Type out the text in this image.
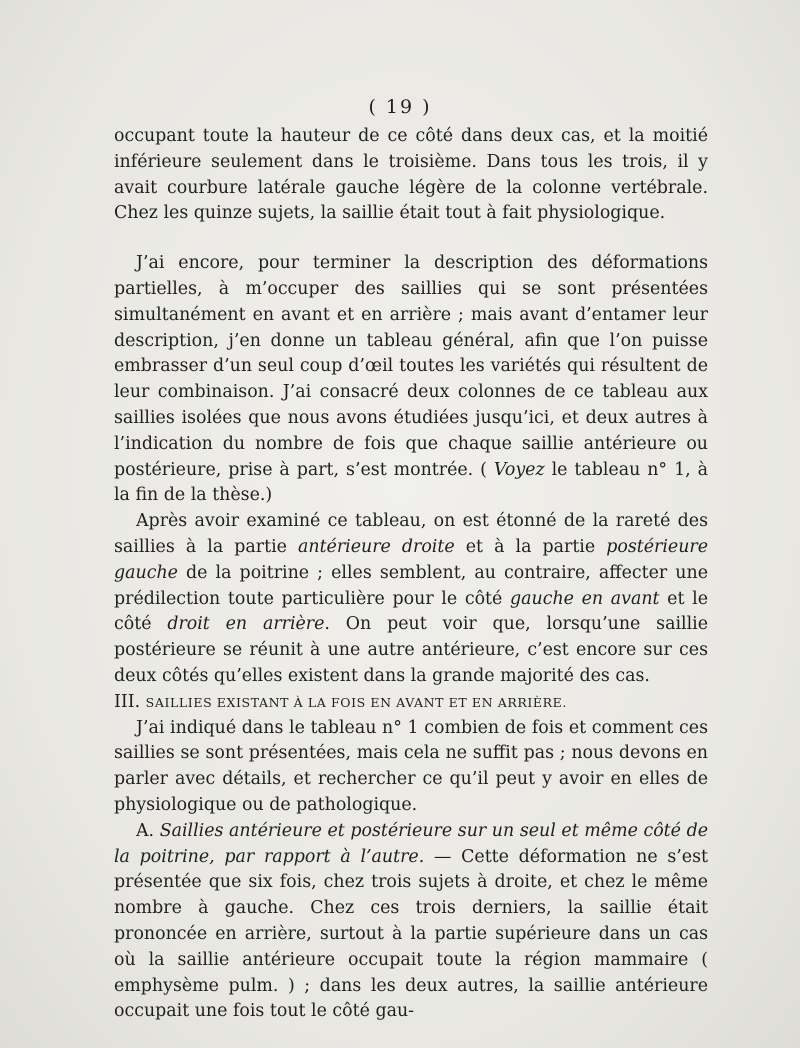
( 19 )

occupant toute la hauteur de ce côté dans deux cas, et la moitié inférieure seulement dans le troisième. Dans tous les trois, il y avait courbure latérale gauche légère de la colonne vertébrale. Chez les quinze sujets, la saillie était tout à fait physiologique.

J’ai encore, pour terminer la description des déformations partielles, à m’occuper des saillies qui se sont présentées simultanément en avant et en arrière ; mais avant d’entamer leur description, j’en donne un tableau général, afin que l’on puisse embrasser d’un seul coup d’œil toutes les variétés qui résultent de leur combinaison. J’ai consacré deux colonnes de ce tableau aux saillies isolées que nous avons étudiées jusqu’ici, et deux autres à l’indication du nombre de fois que chaque saillie antérieure ou postérieure, prise à part, s’est montrée. ( Voyez le tableau n° 1, à la fin de la thèse.)

Après avoir examiné ce tableau, on est étonné de la rareté des saillies à la partie antérieure droite et à la partie postérieure gauche de la poitrine ; elles semblent, au contraire, affecter une prédilection toute particulière pour le côté gauche en avant et le côté droit en arrière. On peut voir que, lorsqu’une saillie postérieure se réunit à une autre antérieure, c’est encore sur ces deux côtés qu’elles existent dans la grande majorité des cas.

III. SAILLIES EXISTANT À LA FOIS EN AVANT ET EN ARRIÈRE.

J’ai indiqué dans le tableau n° 1 combien de fois et comment ces saillies se sont présentées, mais cela ne suffit pas ; nous devons en parler avec détails, et rechercher ce qu’il peut y avoir en elles de physiologique ou de pathologique.

A. Saillies antérieure et postérieure sur un seul et même côté de la poitrine, par rapport à l’autre. — Cette déformation ne s’est présentée que six fois, chez trois sujets à droite, et chez le même nombre à gauche. Chez ces trois derniers, la saillie était prononcée en arrière, surtout à la partie supérieure dans un cas où la saillie antérieure occupait toute la région mammaire ( emphysème pulm. ) ; dans les deux autres, la saillie antérieure occupait une fois tout le côté gau-
